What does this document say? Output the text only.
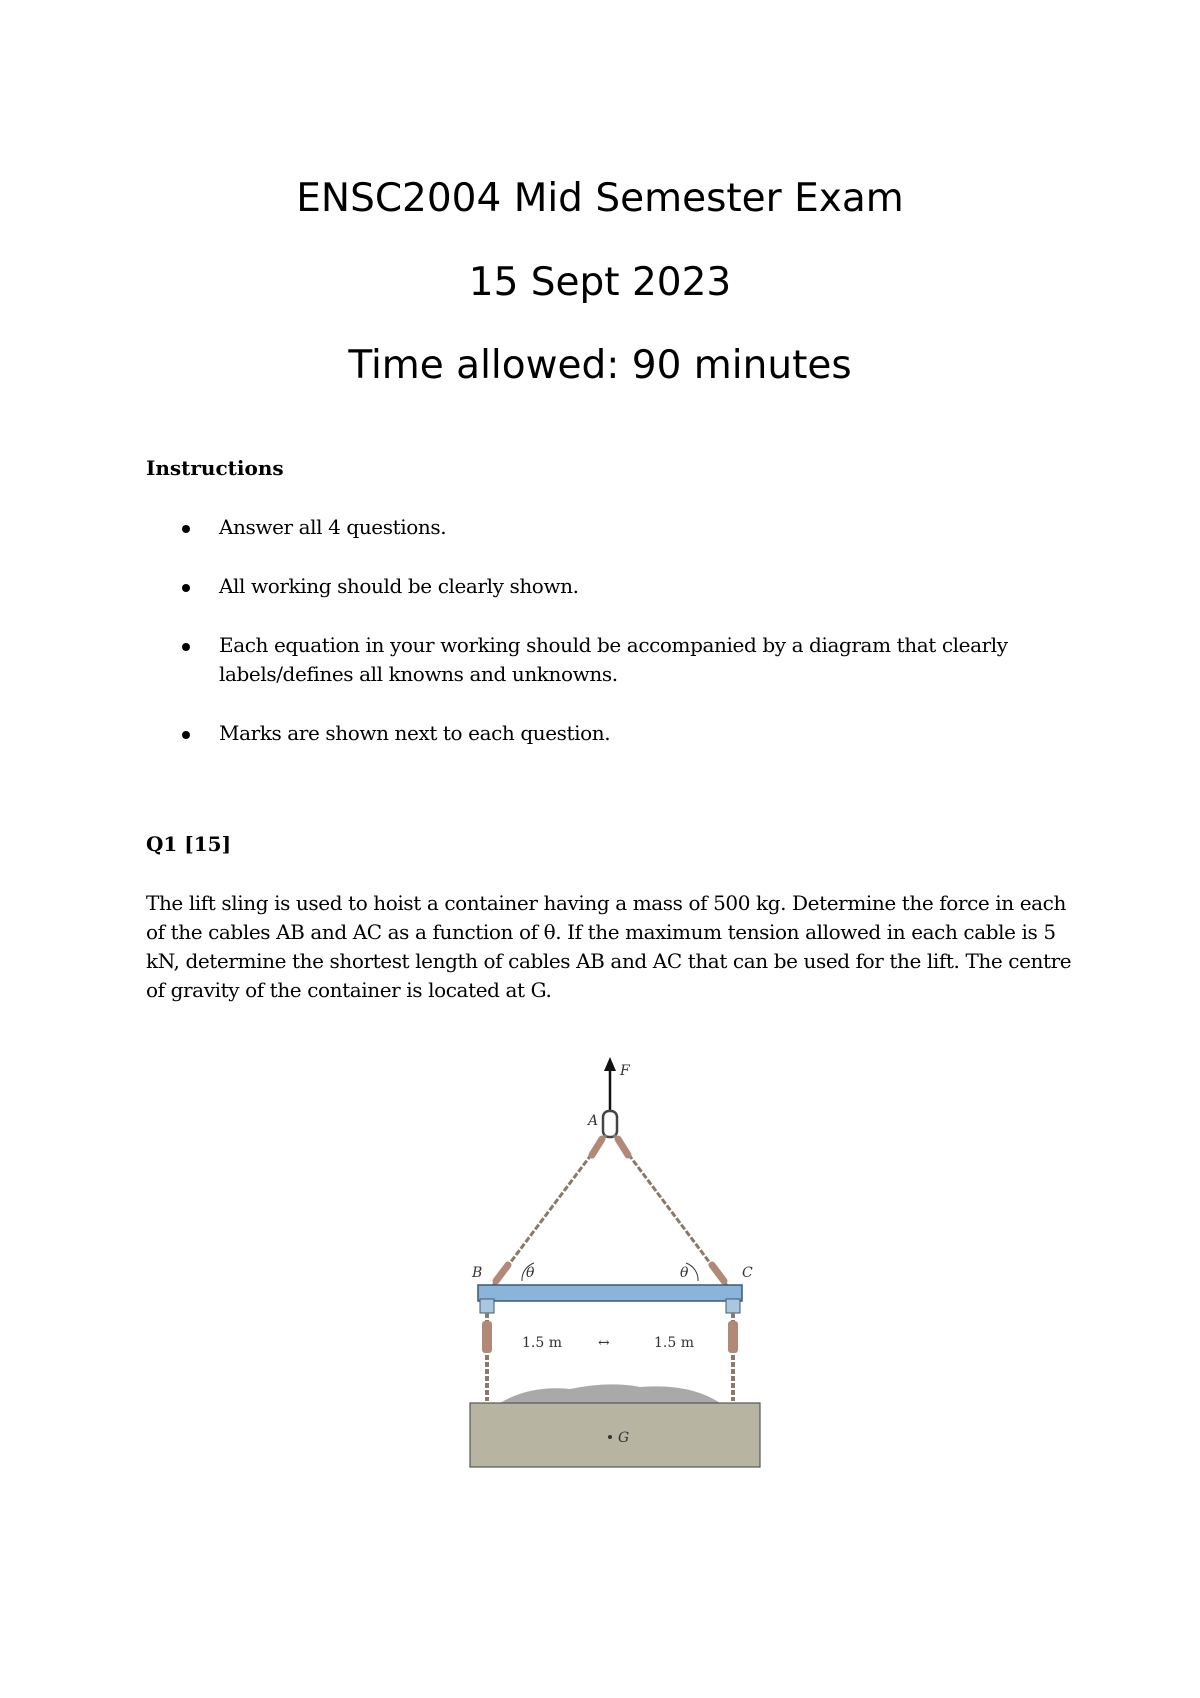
ENSC2004 Mid Semester Exam
15 Sept 2023
Time allowed: 90 minutes
Instructions
Answer all 4 questions.
All working should be clearly shown.
Each equation in your working should be accompanied by a diagram that clearly labels/defines all knowns and unknowns.
Marks are shown next to each question.
Q1 [15]
The lift sling is used to hoist a container having a mass of 500 kg. Determine the force in each of the cables AB and AC as a function of θ. If the maximum tension allowed in each cable is 5 kN, determine the shortest length of cables AB and AC that can be used for the lift. The centre of gravity of the container is located at G.
F
A
B	C
θ	θ
1.5 m	↔	1.5 m
G
